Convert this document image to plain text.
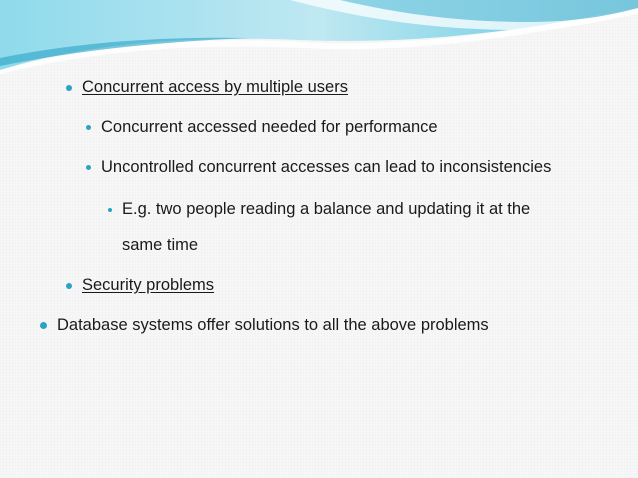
Concurrent access by multiple users
Concurrent accessed needed for performance
Uncontrolled concurrent accesses can lead to inconsistencies
E.g. two people reading a balance and updating it at the
same time
Security problems
Database systems offer solutions to all the above problems
